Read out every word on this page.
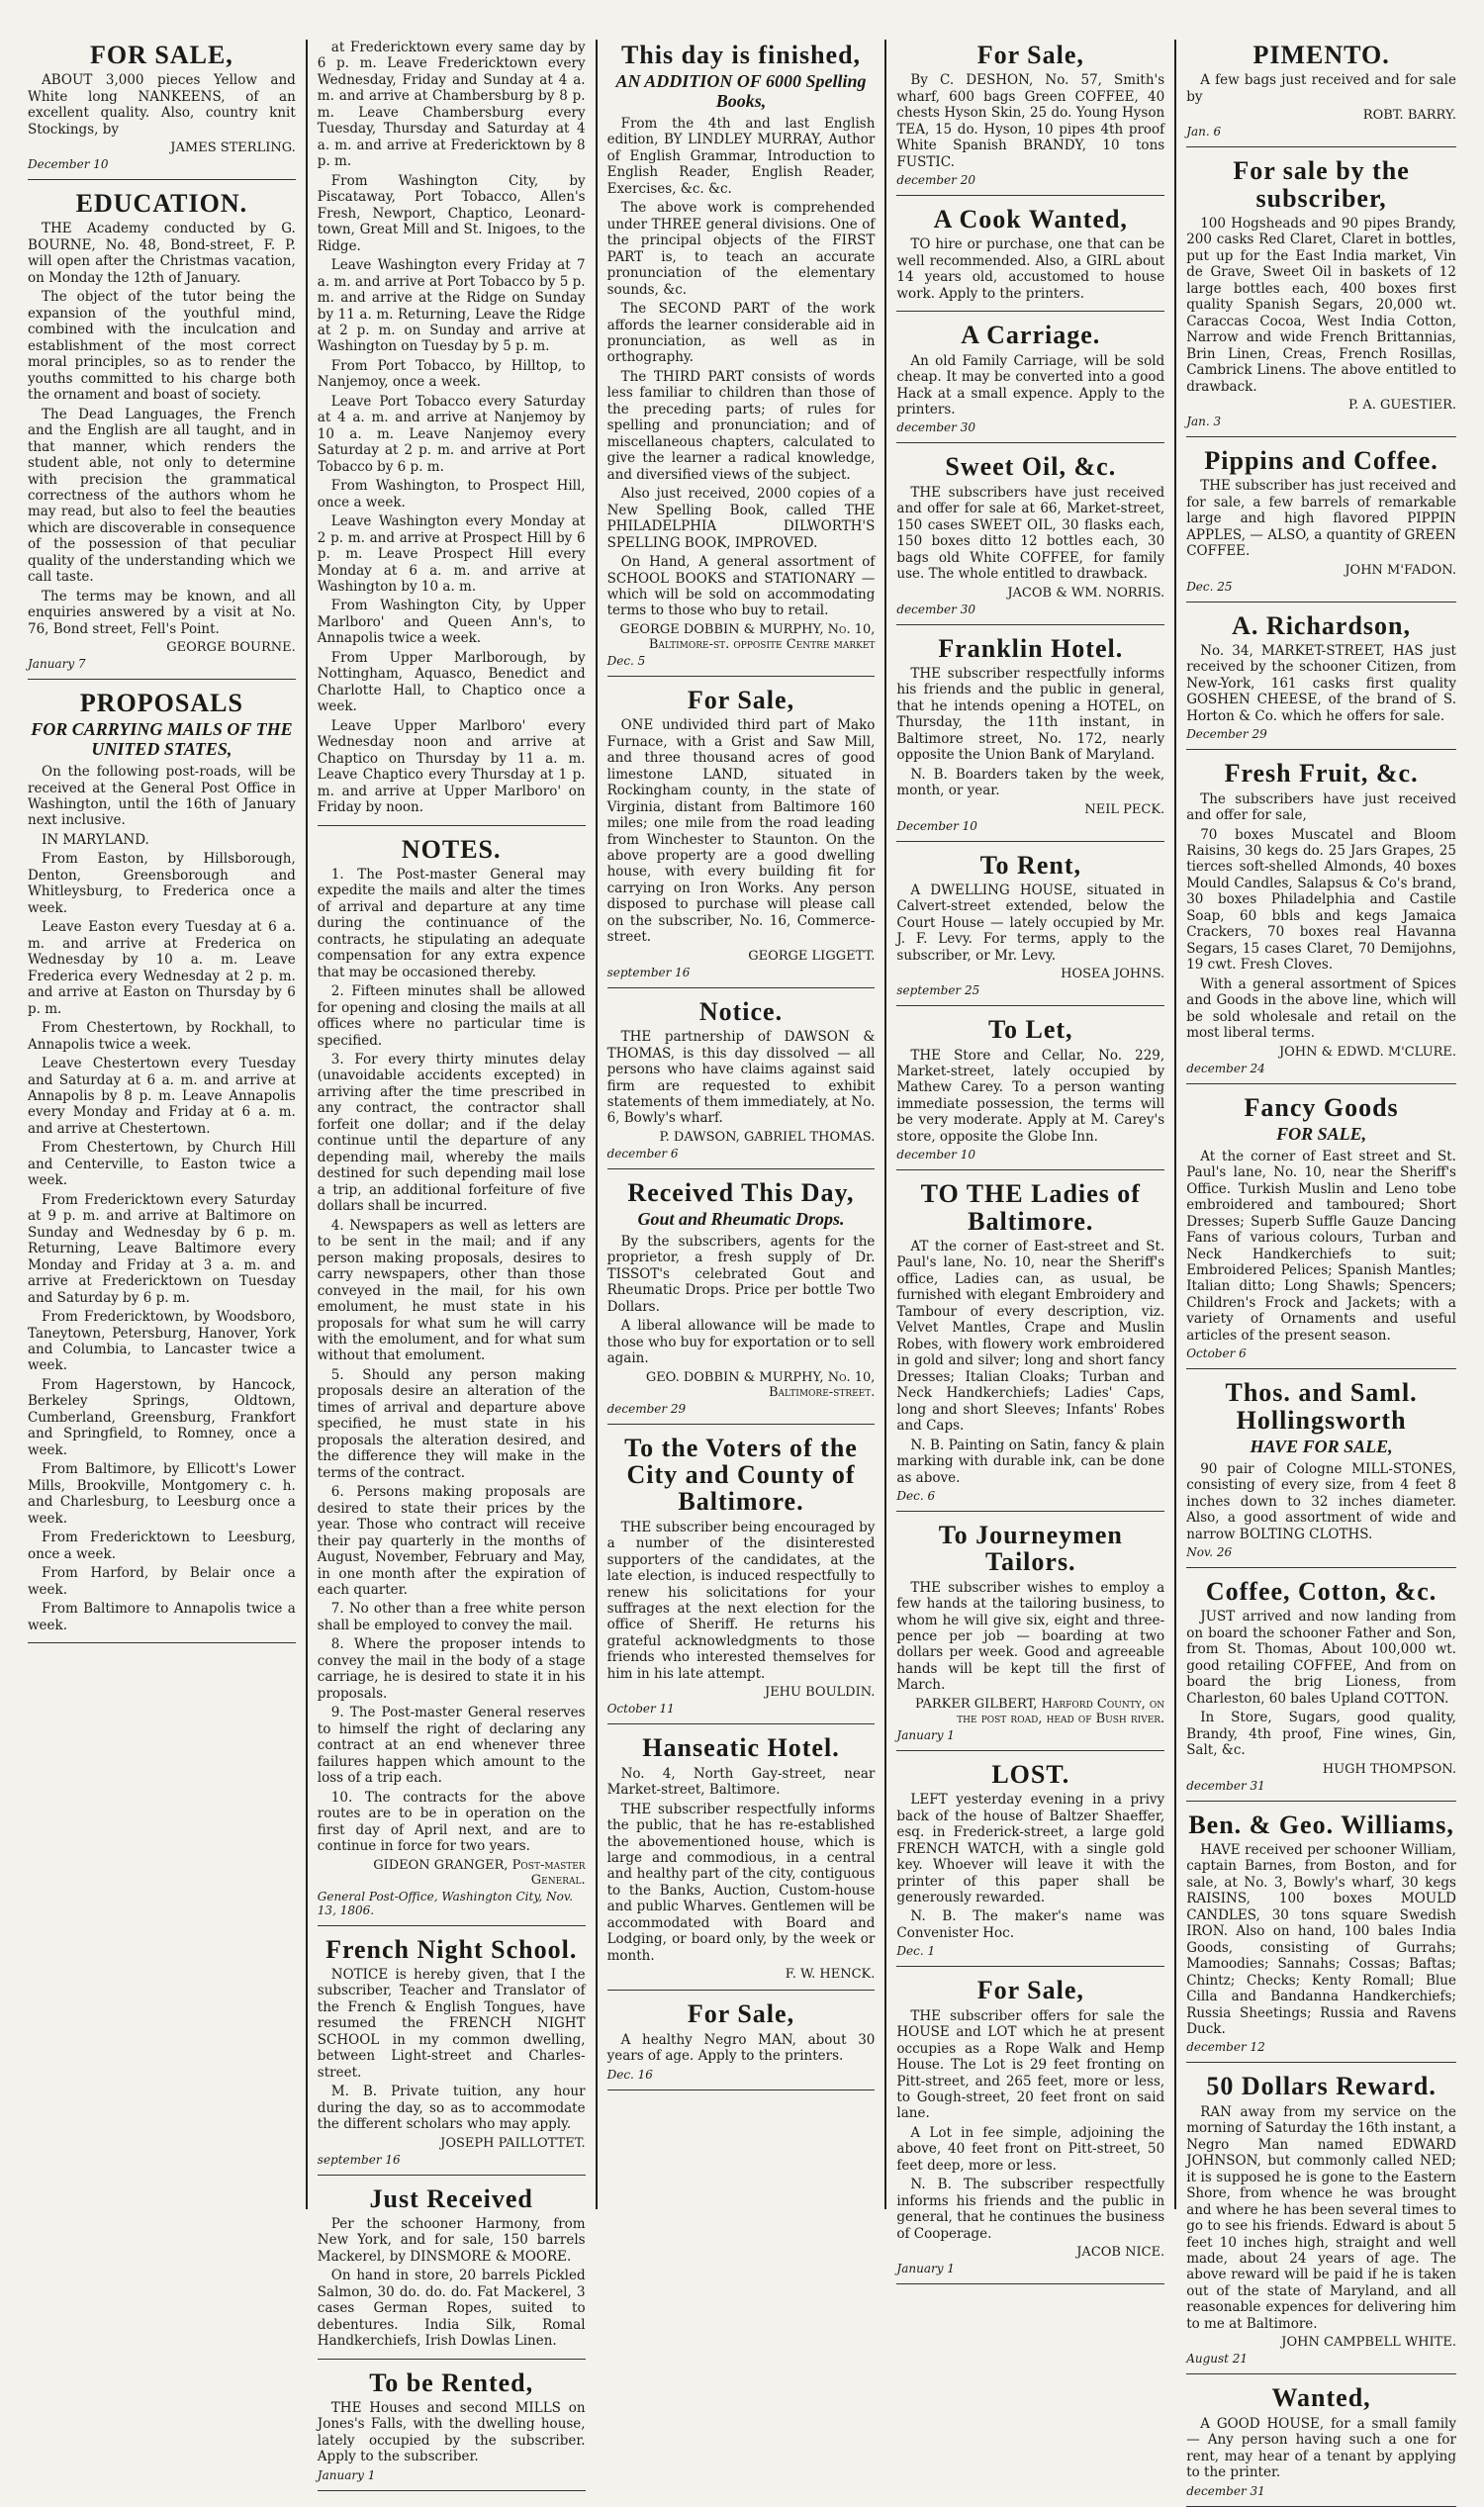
FOR SALE,

ABOUT 3,000 pieces Yellow and White long NANKEENS, of an excellent quality. Also, country knit Stockings, by

JAMES STERLING.
December 10
EDUCATION.

THE Academy conducted by G. BOURNE, No. 48, Bond-street, F. P. will open after the Christmas vacation, on Monday the 12th of January.

The object of the tutor being the expansion of the youthful mind, combined with the inculcation and establishment of the most correct moral principles, so as to render the youths committed to his charge both the ornament and boast of society.

The Dead Languages, the French and the English are all taught, and in that manner, which renders the student able, not only to determine with precision the grammatical correctness of the authors whom he may read, but also to feel the beauties which are discoverable in consequence of the possession of that peculiar quality of the understanding which we call taste.

The terms may be known, and all enquiries answered by a visit at No. 76, Bond street, Fell's Point.

GEORGE BOURNE.
January 7
PROPOSALS
FOR CARRYING MAILS OF THE UNITED STATES,

On the following post-roads, will be received at the General Post Office in Washington, until the 16th of January next inclusive.

IN MARYLAND.

From Easton, by Hillsborough, Denton, Greensborough and Whitleysburg, to Frederica once a week.

Leave Easton every Tuesday at 6 a. m. and arrive at Frederica on Wednesday by 10 a. m. Leave Frederica every Wednesday at 2 p. m. and arrive at Easton on Thursday by 6 p. m.

From Chestertown, by Rockhall, to Annapolis twice a week.

Leave Chestertown every Tuesday and Saturday at 6 a. m. and arrive at Annapolis by 8 p. m. Leave Annapolis every Monday and Friday at 6 a. m. and arrive at Chestertown.

From Chestertown, by Church Hill and Centerville, to Easton twice a week.

From Fredericktown every Saturday at 9 p. m. and arrive at Baltimore on Sunday and Wednesday by 6 p. m. Returning, Leave Baltimore every Monday and Friday at 3 a. m. and arrive at Fredericktown on Tuesday and Saturday by 6 p. m.

From Fredericktown, by Woodsboro, Taneytown, Petersburg, Hanover, York and Columbia, to Lancaster twice a week.

From Hagerstown, by Hancock, Berkeley Springs, Oldtown, Cumberland, Greensburg, Frankfort and Springfield, to Romney, once a week.

From Baltimore, by Ellicott's Lower Mills, Brookville, Montgomery c. h. and Charlesburg, to Leesburg once a week.

From Fredericktown to Leesburg, once a week.

From Harford, by Belair once a week.

From Baltimore to Annapolis twice a week.

at Fredericktown every same day by 6 p. m. Leave Fredericktown every Wednesday, Friday and Sunday at 4 a. m. and arrive at Chambersburg by 8 p. m. Leave Chambersburg every Tuesday, Thursday and Saturday at 4 a. m. and arrive at Fredericktown by 8 p. m.

From Washington City, by Piscataway, Port Tobacco, Allen's Fresh, Newport, Chaptico, Leonard-town, Great Mill and St. Inigoes, to the Ridge.

Leave Washington every Friday at 7 a. m. and arrive at Port Tobacco by 5 p. m. and arrive at the Ridge on Sunday by 11 a. m. Returning, Leave the Ridge at 2 p. m. on Sunday and arrive at Washington on Tuesday by 5 p. m.

From Port Tobacco, by Hilltop, to Nanjemoy, once a week.

Leave Port Tobacco every Saturday at 4 a. m. and arrive at Nanjemoy by 10 a. m. Leave Nanjemoy every Saturday at 2 p. m. and arrive at Port Tobacco by 6 p. m.

From Washington, to Prospect Hill, once a week.

Leave Washington every Monday at 2 p. m. and arrive at Prospect Hill by 6 p. m. Leave Prospect Hill every Monday at 6 a. m. and arrive at Washington by 10 a. m.

From Washington City, by Upper Marlboro' and Queen Ann's, to Annapolis twice a week.

From Upper Marlborough, by Nottingham, Aquasco, Benedict and Charlotte Hall, to Chaptico once a week.

Leave Upper Marlboro' every Wednesday noon and arrive at Chaptico on Thursday by 11 a. m. Leave Chaptico every Thursday at 1 p. m. and arrive at Upper Marlboro' on Friday by noon.

NOTES.

1. The Post-master General may expedite the mails and alter the times of arrival and departure at any time during the continuance of the contracts, he stipulating an adequate compensation for any extra expence that may be occasioned thereby.

2. Fifteen minutes shall be allowed for opening and closing the mails at all offices where no particular time is specified.

3. For every thirty minutes delay (unavoidable accidents excepted) in arriving after the time prescribed in any contract, the contractor shall forfeit one dollar; and if the delay continue until the departure of any depending mail, whereby the mails destined for such depending mail lose a trip, an additional forfeiture of five dollars shall be incurred.

4. Newspapers as well as letters are to be sent in the mail; and if any person making proposals, desires to carry newspapers, other than those conveyed in the mail, for his own emolument, he must state in his proposals for what sum he will carry with the emolument, and for what sum without that emolument.

5. Should any person making proposals desire an alteration of the times of arrival and departure above specified, he must state in his proposals the alteration desired, and the difference they will make in the terms of the contract.

6. Persons making proposals are desired to state their prices by the year. Those who contract will receive their pay quarterly in the months of August, November, February and May, in one month after the expiration of each quarter.

7. No other than a free white person shall be employed to convey the mail.

8. Where the proposer intends to convey the mail in the body of a stage carriage, he is desired to state it in his proposals.

9. The Post-master General reserves to himself the right of declaring any contract at an end whenever three failures happen which amount to the loss of a trip each.

10. The contracts for the above routes are to be in operation on the first day of April next, and are to continue in force for two years.

GIDEON GRANGER, Post-master General.
General Post-Office, Washington City, Nov. 13, 1806.
French Night School.

NOTICE is hereby given, that I the subscriber, Teacher and Translator of the French & English Tongues, have resumed the FRENCH NIGHT SCHOOL in my common dwelling, between Light-street and Charles-street.

M. B. Private tuition, any hour during the day, so as to accommodate the different scholars who may apply.

JOSEPH PAILLOTTET.
september 16
Just Received

Per the schooner Harmony, from New York, and for sale, 150 barrels Mackerel, by DINSMORE & MOORE.

On hand in store, 20 barrels Pickled Salmon, 30 do. do. do. Fat Mackerel, 3 cases German Ropes, suited to debentures. India Silk, Romal Handkerchiefs, Irish Dowlas Linen.

To be Rented,

THE Houses and second MILLS on Jones's Falls, with the dwelling house, lately occupied by the subscriber. Apply to the subscriber.

January 1
This day is finished,
AN ADDITION OF 6000 Spelling Books,

From the 4th and last English edition, BY LINDLEY MURRAY, Author of English Grammar, Introduction to English Reader, English Reader, Exercises, &c. &c.

The above work is comprehended under THREE general divisions. One of the principal objects of the FIRST PART is, to teach an accurate pronunciation of the elementary sounds, &c.

The SECOND PART of the work affords the learner considerable aid in pronunciation, as well as in orthography.

The THIRD PART consists of words less familiar to children than those of the preceding parts; of rules for spelling and pronunciation; and of miscellaneous chapters, calculated to give the learner a radical knowledge, and diversified views of the subject.

Also just received, 2000 copies of a New Spelling Book, called THE PHILADELPHIA DILWORTH'S SPELLING BOOK, IMPROVED.

On Hand, A general assortment of SCHOOL BOOKS and STATIONARY — which will be sold on accommodating terms to those who buy to retail.

GEORGE DOBBIN & MURPHY, No. 10, Baltimore-st. opposite Centre market
Dec. 5
For Sale,

ONE undivided third part of Mako Furnace, with a Grist and Saw Mill, and three thousand acres of good limestone LAND, situated in Rockingham county, in the state of Virginia, distant from Baltimore 160 miles; one mile from the road leading from Winchester to Staunton. On the above property are a good dwelling house, with every building fit for carrying on Iron Works. Any person disposed to purchase will please call on the subscriber, No. 16, Commerce-street.

GEORGE LIGGETT.
september 16
Notice.

THE partnership of DAWSON & THOMAS, is this day dissolved — all persons who have claims against said firm are requested to exhibit statements of them immediately, at No. 6, Bowly's wharf.

P. DAWSON, GABRIEL THOMAS.
december 6
Received This Day,
Gout and Rheumatic Drops.

By the subscribers, agents for the proprietor, a fresh supply of Dr. TISSOT's celebrated Gout and Rheumatic Drops. Price per bottle Two Dollars.

A liberal allowance will be made to those who buy for exportation or to sell again.

GEO. DOBBIN & MURPHY, No. 10, Baltimore-street.
december 29
To the Voters of the City and County of Baltimore.

THE subscriber being encouraged by a number of the disinterested supporters of the candidates, at the late election, is induced respectfully to renew his solicitations for your suffrages at the next election for the office of Sheriff. He returns his grateful acknowledgments to those friends who interested themselves for him in his late attempt.

JEHU BOULDIN.
October 11
Hanseatic Hotel.

No. 4, North Gay-street, near Market-street, Baltimore.

THE subscriber respectfully informs the public, that he has re-established the abovementioned house, which is large and commodious, in a central and healthy part of the city, contiguous to the Banks, Auction, Custom-house and public Wharves. Gentlemen will be accommodated with Board and Lodging, or board only, by the week or month.

F. W. HENCK.
For Sale,

A healthy Negro MAN, about 30 years of age. Apply to the printers.

Dec. 16
For Sale,

By C. DESHON, No. 57, Smith's wharf, 600 bags Green COFFEE, 40 chests Hyson Skin, 25 do. Young Hyson TEA, 15 do. Hyson, 10 pipes 4th proof White Spanish BRANDY, 10 tons FUSTIC.

december 20
A Cook Wanted,

TO hire or purchase, one that can be well recommended. Also, a GIRL about 14 years old, accustomed to house work. Apply to the printers.

A Carriage.

An old Family Carriage, will be sold cheap. It may be converted into a good Hack at a small expence. Apply to the printers.

december 30
Sweet Oil, &c.

THE subscribers have just received and offer for sale at 66, Market-street, 150 cases SWEET OIL, 30 flasks each, 150 boxes ditto 12 bottles each, 30 bags old White COFFEE, for family use. The whole entitled to drawback.

JACOB & WM. NORRIS.
december 30
Franklin Hotel.

THE subscriber respectfully informs his friends and the public in general, that he intends opening a HOTEL, on Thursday, the 11th instant, in Baltimore street, No. 172, nearly opposite the Union Bank of Maryland.

N. B. Boarders taken by the week, month, or year.

NEIL PECK.
December 10
To Rent,

A DWELLING HOUSE, situated in Calvert-street extended, below the Court House — lately occupied by Mr. J. F. Levy. For terms, apply to the subscriber, or Mr. Levy.

HOSEA JOHNS.
september 25
To Let,

THE Store and Cellar, No. 229, Market-street, lately occupied by Mathew Carey. To a person wanting immediate possession, the terms will be very moderate. Apply at M. Carey's store, opposite the Globe Inn.

december 10
TO THE Ladies of Baltimore.

AT the corner of East-street and St. Paul's lane, No. 10, near the Sheriff's office, Ladies can, as usual, be furnished with elegant Embroidery and Tambour of every description, viz. Velvet Mantles, Crape and Muslin Robes, with flowery work embroidered in gold and silver; long and short fancy Dresses; Italian Cloaks; Turban and Neck Handkerchiefs; Ladies' Caps, long and short Sleeves; Infants' Robes and Caps.

N. B. Painting on Satin, fancy & plain marking with durable ink, can be done as above.

Dec. 6
To Journeymen Tailors.

THE subscriber wishes to employ a few hands at the tailoring business, to whom he will give six, eight and three-pence per job — boarding at two dollars per week. Good and agreeable hands will be kept till the first of March.

PARKER GILBERT, Harford County, on the post road, head of Bush river.
January 1
LOST.

LEFT yesterday evening in a privy back of the house of Baltzer Shaeffer, esq. in Frederick-street, a large gold FRENCH WATCH, with a single gold key. Whoever will leave it with the printer of this paper shall be generously rewarded.

N. B. The maker's name was Convenister Hoc.

Dec. 1
For Sale,

THE subscriber offers for sale the HOUSE and LOT which he at present occupies as a Rope Walk and Hemp House. The Lot is 29 feet fronting on Pitt-street, and 265 feet, more or less, to Gough-street, 20 feet front on said lane.

A Lot in fee simple, adjoining the above, 40 feet front on Pitt-street, 50 feet deep, more or less.

N. B. The subscriber respectfully informs his friends and the public in general, that he continues the business of Cooperage.

JACOB NICE.
January 1
PIMENTO.

A few bags just received and for sale by

ROBT. BARRY.
Jan. 6
For sale by the subscriber,

100 Hogsheads and 90 pipes Brandy, 200 casks Red Claret, Claret in bottles, put up for the East India market, Vin de Grave, Sweet Oil in baskets of 12 large bottles each, 400 boxes first quality Spanish Segars, 20,000 wt. Caraccas Cocoa, West India Cotton, Narrow and wide French Brittannias, Brin Linen, Creas, French Rosillas, Cambrick Linens. The above entitled to drawback.

P. A. GUESTIER.
Jan. 3
Pippins and Coffee.

THE subscriber has just received and for sale, a few barrels of remarkable large and high flavored PIPPIN APPLES, — ALSO, a quantity of GREEN COFFEE.

JOHN M'FADON.
Dec. 25
A. Richardson,

No. 34, MARKET-STREET, HAS just received by the schooner Citizen, from New-York, 161 casks first quality GOSHEN CHEESE, of the brand of S. Horton & Co. which he offers for sale.

December 29
Fresh Fruit, &c.

The subscribers have just received and offer for sale,

70 boxes Muscatel and Bloom Raisins, 30 kegs do. 25 Jars Grapes, 25 tierces soft-shelled Almonds, 40 boxes Mould Candles, Salapsus & Co's brand, 30 boxes Philadelphia and Castile Soap, 60 bbls and kegs Jamaica Crackers, 70 boxes real Havanna Segars, 15 cases Claret, 70 Demijohns, 19 cwt. Fresh Cloves.

With a general assortment of Spices and Goods in the above line, which will be sold wholesale and retail on the most liberal terms.

JOHN & EDWD. M'CLURE.
december 24
Fancy Goods
FOR SALE,

At the corner of East street and St. Paul's lane, No. 10, near the Sheriff's Office. Turkish Muslin and Leno tobe embroidered and tamboured; Short Dresses; Superb Suffle Gauze Dancing Fans of various colours, Turban and Neck Handkerchiefs to suit; Embroidered Pelices; Spanish Mantles; Italian ditto; Long Shawls; Spencers; Children's Frock and Jackets; with a variety of Ornaments and useful articles of the present season.

October 6
Thos. and Saml. Hollingsworth
HAVE FOR SALE,

90 pair of Cologne MILL-STONES, consisting of every size, from 4 feet 8 inches down to 32 inches diameter. Also, a good assortment of wide and narrow BOLTING CLOTHS.

Nov. 26
Coffee, Cotton, &c.

JUST arrived and now landing from on board the schooner Father and Son, from St. Thomas, About 100,000 wt. good retailing COFFEE, And from on board the brig Lioness, from Charleston, 60 bales Upland COTTON.

In Store, Sugars, good quality, Brandy, 4th proof, Fine wines, Gin, Salt, &c.

HUGH THOMPSON.
december 31
Ben. & Geo. Williams,

HAVE received per schooner William, captain Barnes, from Boston, and for sale, at No. 3, Bowly's wharf, 30 kegs RAISINS, 100 boxes MOULD CANDLES, 30 tons square Swedish IRON. Also on hand, 100 bales India Goods, consisting of Gurrahs; Mamoodies; Sannahs; Cossas; Baftas; Chintz; Checks; Kenty Romall; Blue Cilla and Bandanna Handkerchiefs; Russia Sheetings; Russia and Ravens Duck.

december 12
50 Dollars Reward.

RAN away from my service on the morning of Saturday the 16th instant, a Negro Man named EDWARD JOHNSON, but commonly called NED; it is supposed he is gone to the Eastern Shore, from whence he was brought and where he has been several times to go to see his friends. Edward is about 5 feet 10 inches high, straight and well made, about 24 years of age. The above reward will be paid if he is taken out of the state of Maryland, and all reasonable expences for delivering him to me at Baltimore.

JOHN CAMPBELL WHITE.
August 21
Wanted,

A GOOD HOUSE, for a small family — Any person having such a one for rent, may hear of a tenant by applying to the printer.

december 31
